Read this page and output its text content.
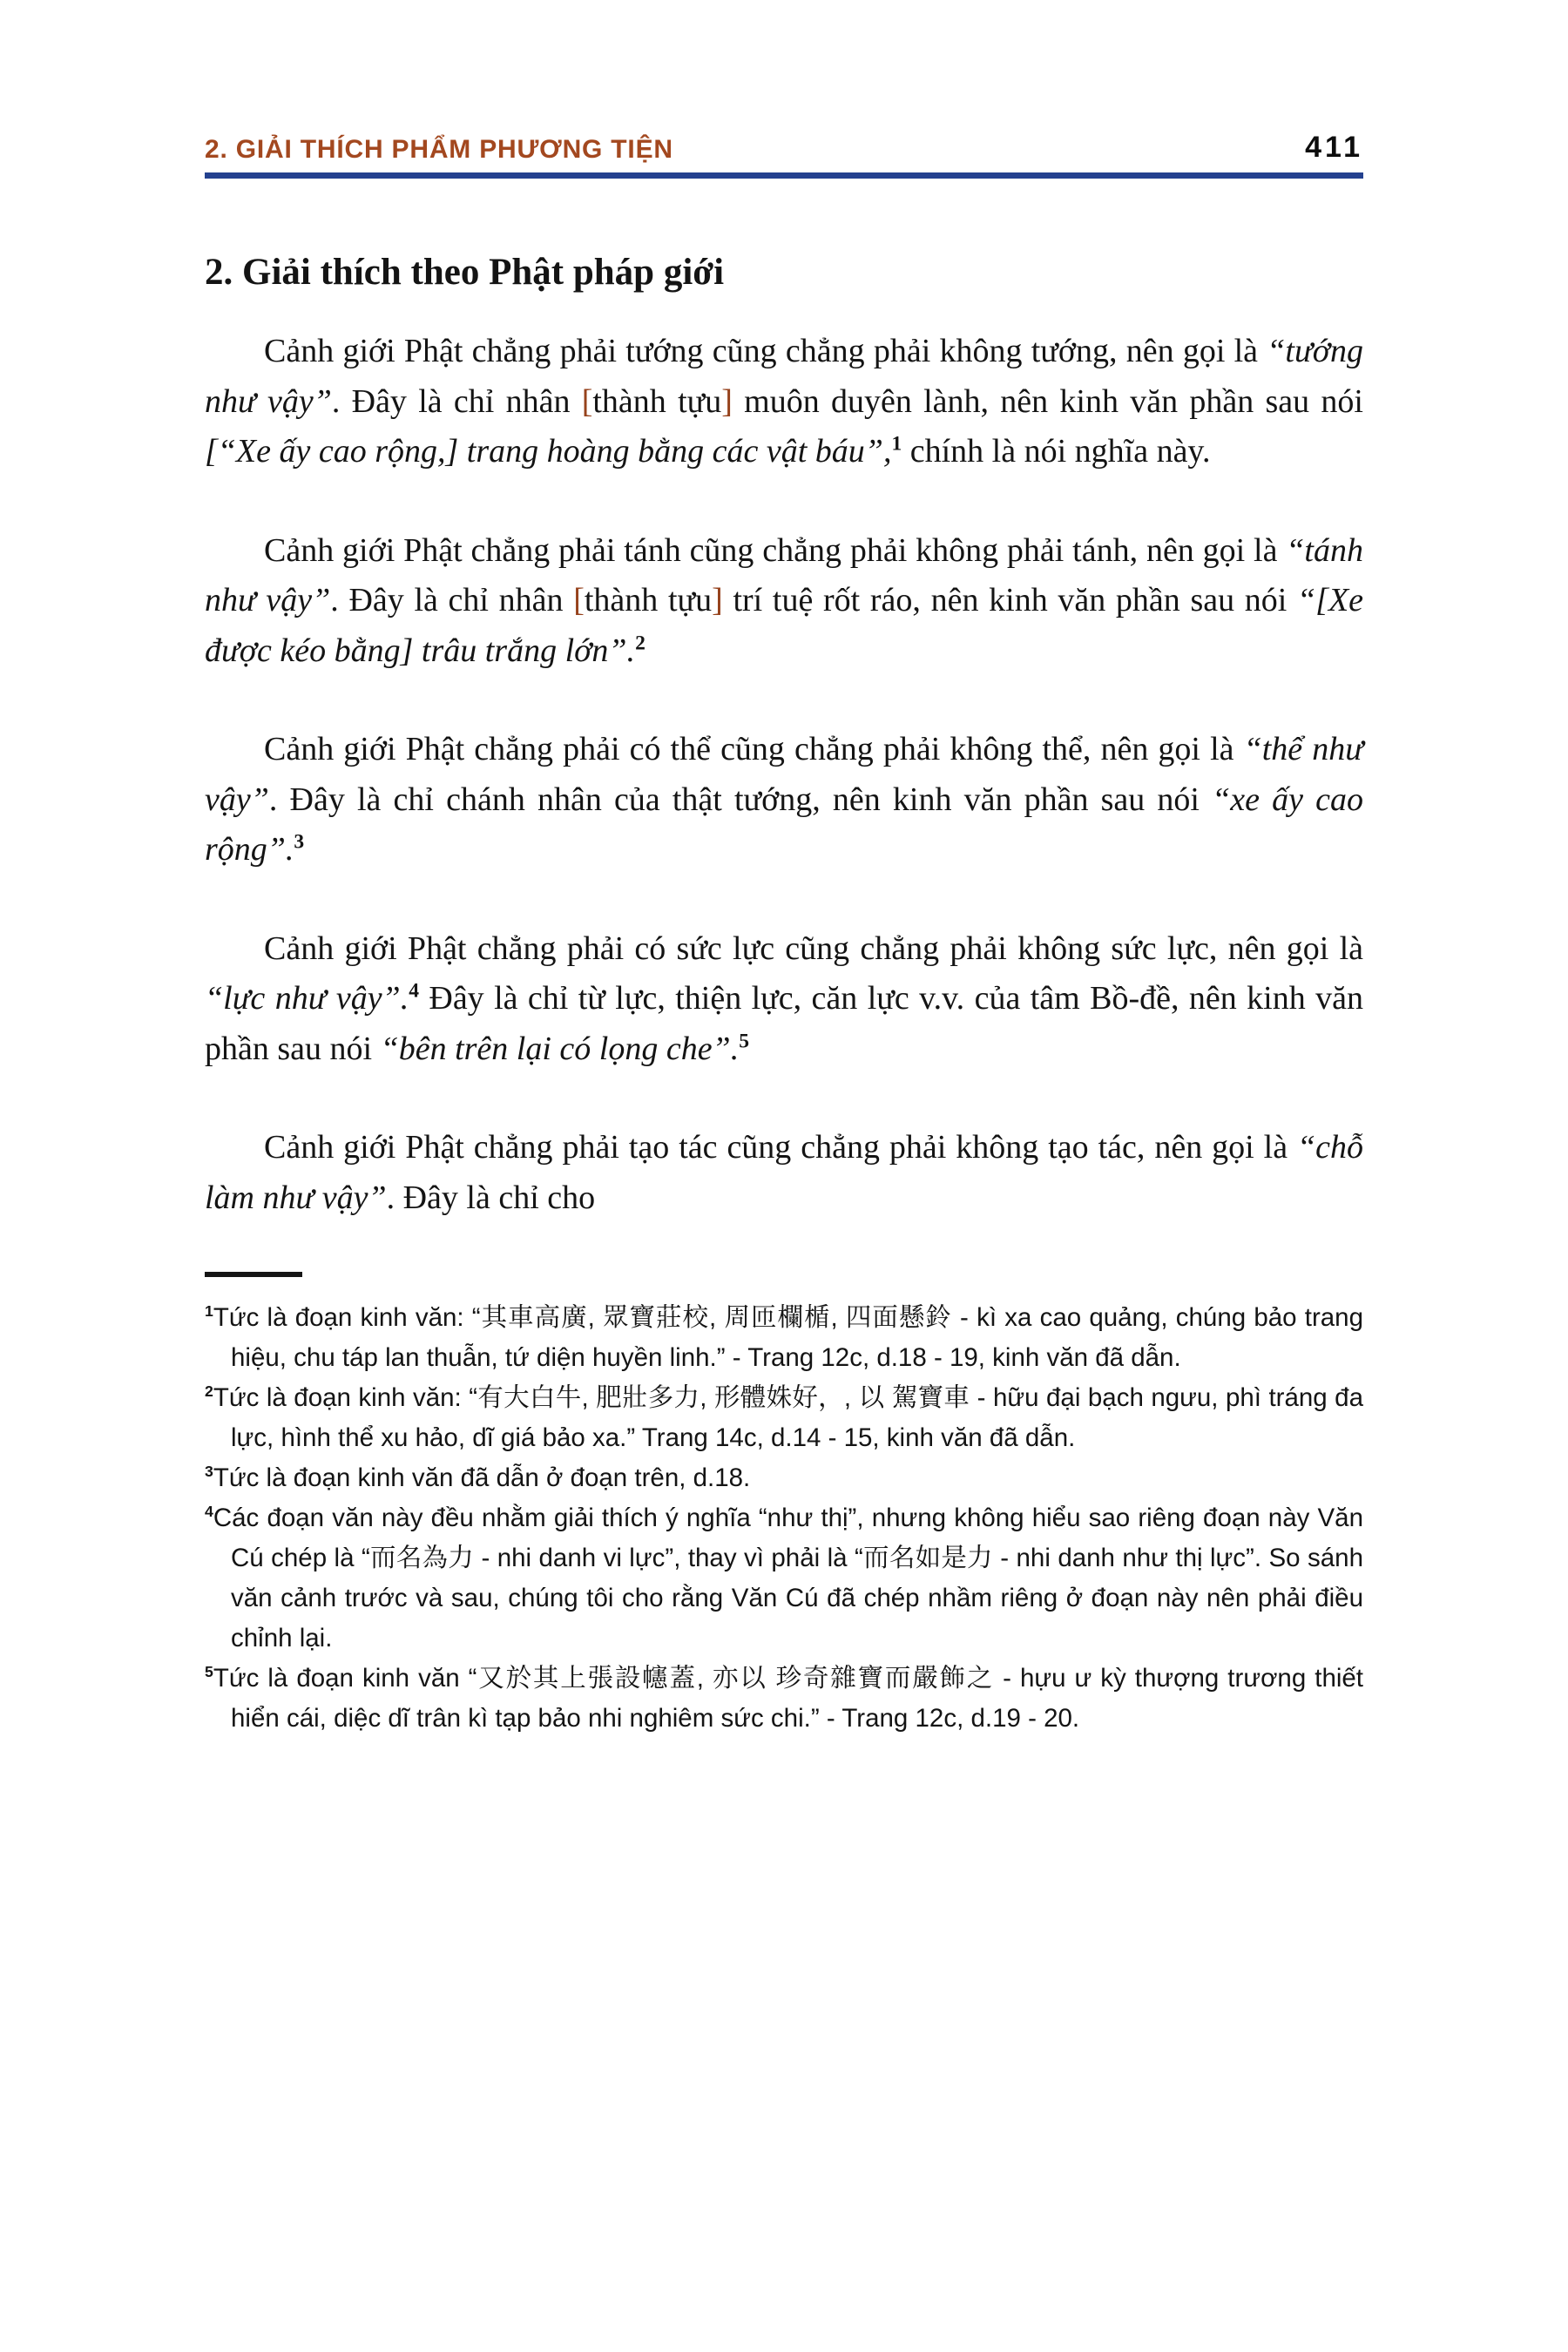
2. GIẢI THÍCH PHẨM PHƯƠNG TIỆN	411
2. Giải thích theo Phật pháp giới

Cảnh giới Phật chẳng phải tướng cũng chẳng phải không tướng, nên gọi là “tướng như vậy”. Đây là chỉ nhân [thành tựu] muôn duyên lành, nên kinh văn phần sau nói [“Xe ấy cao rộng,] trang hoàng bằng các vật báu”,$^1$ chính là nói nghĩa này.

Cảnh giới Phật chẳng phải tánh cũng chẳng phải không phải tánh, nên gọi là “tánh như vậy”. Đây là chỉ nhân [thành tựu] trí tuệ rốt ráo, nên kinh văn phần sau nói “[Xe được kéo bằng] trâu trắng lớn”.$^2$

Cảnh giới Phật chẳng phải có thể cũng chẳng phải không thể, nên gọi là “thể như vậy”. Đây là chỉ chánh nhân của thật tướng, nên kinh văn phần sau nói “xe ấy cao rộng”.$^3$

Cảnh giới Phật chẳng phải có sức lực cũng chẳng phải không sức lực, nên gọi là “lực như vậy”.$^4$ Đây là chỉ từ lực, thiện lực, căn lực v.v. của tâm Bồ-đề, nên kinh văn phần sau nói “bên trên lại có lọng che”.$^5$

Cảnh giới Phật chẳng phải tạo tác cũng chẳng phải không tạo tác, nên gọi là “chỗ làm như vậy”. Đây là chỉ cho

$^1$Tức là đoạn kinh văn: “其車高廣, 眾寶莊校, 周匝欄楯, 四面懸鈴 - kì xa cao quảng, chúng bảo trang hiệu, chu táp lan thuẫn, tứ diện huyền linh.” - Trang 12c, d.18 - 19, kinh văn đã dẫn.

$^2$Tức là đoạn kinh văn: “有大白牛, 肥壯多力, 形體姝好，, 以 駕寶車 - hữu đại bạch ngưu, phì tráng đa lực, hình thể xu hảo, dĩ giá bảo xa.” Trang 14c, d.14 - 15, kinh văn đã dẫn.

$^3$Tức là đoạn kinh văn đã dẫn ở đoạn trên, d.18.

$^4$Các đoạn văn này đều nhằm giải thích ý nghĩa “như thị”, nhưng không hiểu sao riêng đoạn này Văn Cú chép là “而名為力 - nhi danh vi lực”, thay vì phải là “而名如是力 - nhi danh như thị lực”. So sánh văn cảnh trước và sau, chúng tôi cho rằng Văn Cú đã chép nhầm riêng ở đoạn này nên phải điều chỉnh lại.

$^5$Tức là đoạn kinh văn “又於其上張設幰蓋, 亦以 珍奇雜寶而嚴飾之 - hựu ư kỳ thượng trương thiết hiển cái, diệc dĩ trân kì tạp bảo nhi nghiêm sức chi.” - Trang 12c, d.19 - 20.
